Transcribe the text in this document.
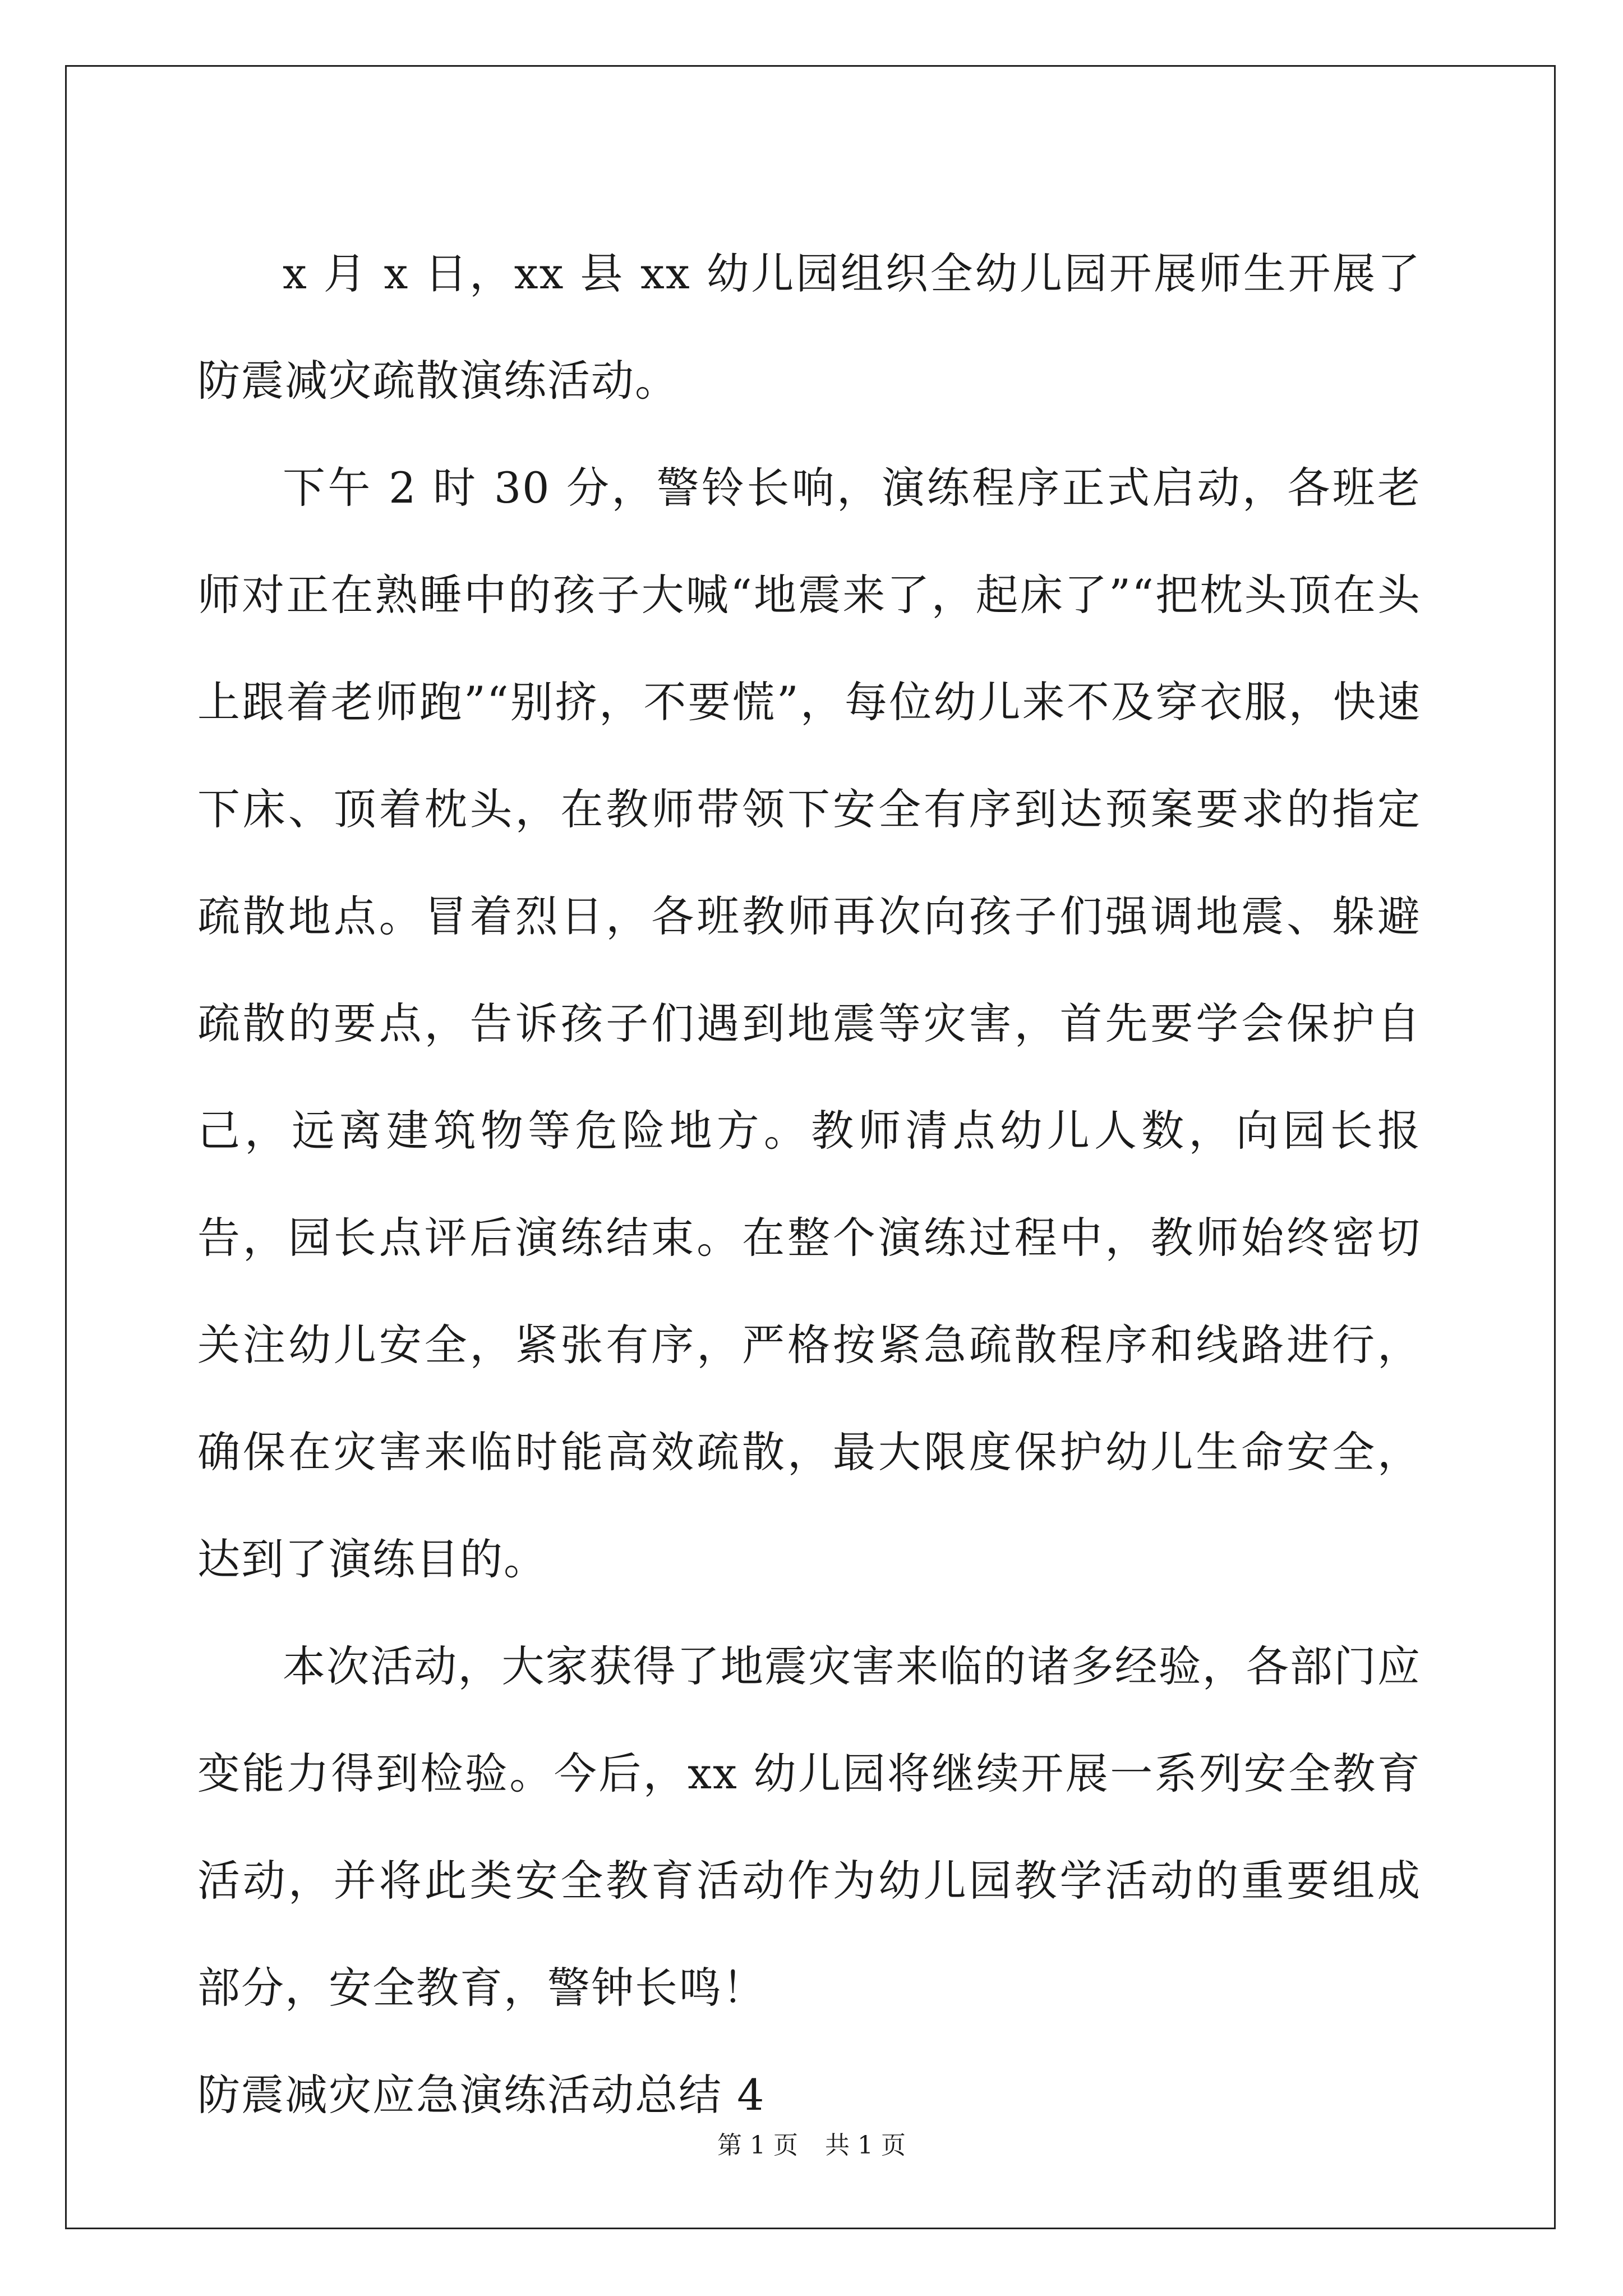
x 月 x 日，xx 县 xx 幼儿园组织全幼儿园开展师生开展了防震减灾疏散演练活动。

下午 2 时 30 分，警铃长响，演练程序正式启动，各班老师对正在熟睡中的孩子大喊“地震来了，起床了”“把枕头顶在头上跟着老师跑”“别挤，不要慌”，每位幼儿来不及穿衣服，快速下床、顶着枕头，在教师带领下安全有序到达预案要求的指定疏散地点。冒着烈日，各班教师再次向孩子们强调地震、躲避疏散的要点，告诉孩子们遇到地震等灾害，首先要学会保护自己，远离建筑物等危险地方。教师清点幼儿人数，向园长报告，园长点评后演练结束。在整个演练过程中，教师始终密切关注幼儿安全，紧张有序，严格按紧急疏散程序和线路进行，确保在灾害来临时能高效疏散，最大限度保护幼儿生命安全，达到了演练目的。

本次活动，大家获得了地震灾害来临的诸多经验，各部门应变能力得到检验。今后，xx 幼儿园将继续开展一系列安全教育活动，并将此类安全教育活动作为幼儿园教学活动的重要组成部分，安全教育，警钟长鸣！

防震减灾应急演练活动总结 4

第 1 页 共 1 页
